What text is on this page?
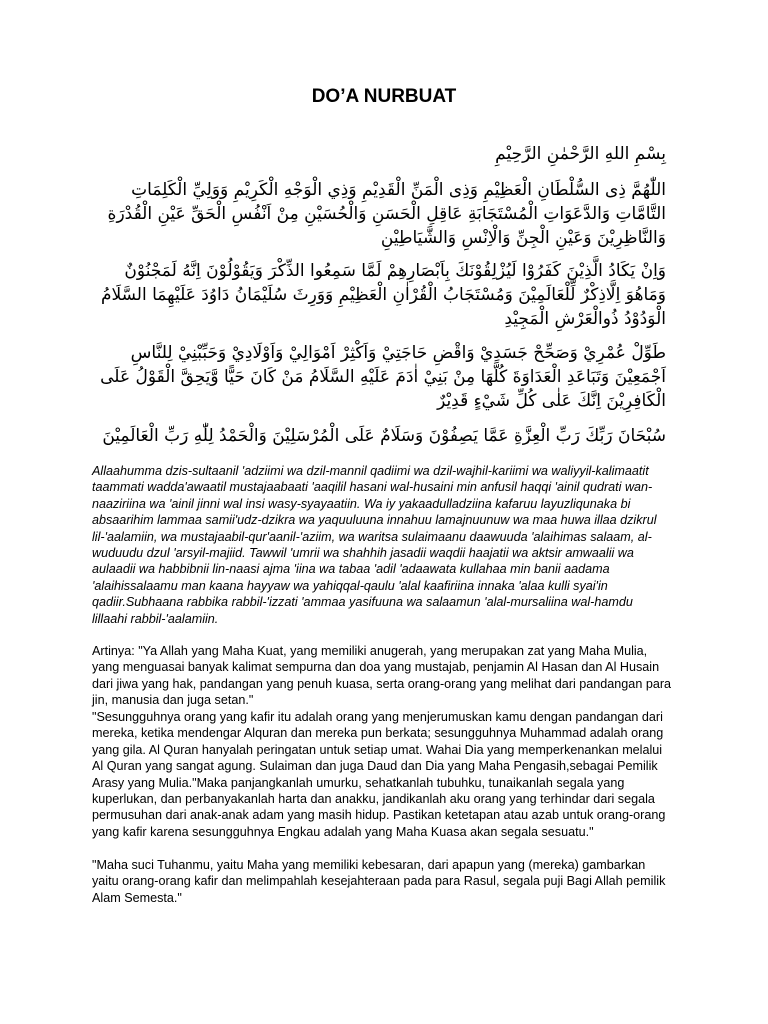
DO’A NURBUAT

بِسْمِ اللهِ الرَّحْمٰنِ الرَّحِيْمِ

اللّٰهُمَّ ذِى السُّلْطَانِ الْعَظِيْمِ وَذِى الْمَنِّ الْقَدِيْمِ وَذِي الْوَجْهِ الْكَرِيْمِ وَوَلِيِّ الْكَلِمَاتِ التَّامَّاتِ وَالدَّعَوَاتِ الْمُسْتَجَابَةِ عَاقِلِ الْحَسَنِ وَالْحُسَيْنِ مِنْ اَنْفُسِ الْحَقِّ عَيْنِ الْقُدْرَةِ وَالنَّاظِرِيْنَ وَعَيْنِ الْجِنِّ وَالْاِنْسِ وَالشَّيَاطِيْنِ

وَاِنْ يَكَادُ الَّذِيْنَ كَفَرُوْا لَيُزْلِقُوْنَكَ بِاَبْصَارِهِمْ لَمَّا سَمِعُوا الذِّكْرَ وَيَقُوْلُوْنَ اِنَّهُ لَمَجْنُوْنٌ وَمَاهُوَ اِلَّاذِكْرٌ لِّلْعَالَمِيْنَ وَمُسْتَجَابُ الْقُرْاٰنِ الْعَظِيْمِ وَوَرِثَ سُلَيْمَانُ دَاوُدَ عَلَيْهِمَا السَّلَامُ الْوَدُوْدُ ذُوالْعَرْشِ الْمَجِيْدِ

طَوِّلْ عُمْرِيْ وَصَحِّحْ جَسَدِيْ وَاقْضِ حَاجَتِيْ وَاَكْثِرْ اَمْوَالِيْ وَاَوْلَادِيْ وَحَبِّبْنِيْ لِلنَّاسِ اَجْمَعِيْنَ وَتَبَاعَدِ الْعَدَاوَةَ كُلَّهَا مِنْ بَنِيْ اٰدَمَ عَلَيْهِ السَّلَامُ مَنْ كَانَ حَيًّا وَّيَحِقَّ الْقَوْلُ عَلَى الْكَافِرِيْنَ اِنَّكَ عَلٰى كُلِّ شَيْءٍ قَدِيْرٌ

سُبْحَانَ رَبِّكَ رَبِّ الْعِزَّةِ عَمَّا يَصِفُوْنَ وَسَلَامٌ عَلَى الْمُرْسَلِيْنَ وَالْحَمْدُ لِلّٰهِ رَبِّ الْعَالَمِيْنَ

Allaahumma dzis-sultaanil 'adziimi wa dzil-mannil qadiimi wa dzil-wajhil-kariimi wa waliyyil-kalimaatit taammati wadda'awaatil mustajaabaati 'aaqilil hasani wal-husaini min anfusil haqqi 'ainil qudrati wan-naaziriina wa 'ainil jinni wal insi wasy-syayaatiin. Wa iy yakaadulladziina kafaruu layuzliqunaka bi absaarihim lammaa samii'udz-dzikra wa yaquuluuna innahuu lamajnuunuw wa maa huwa illaa dzikrul lil-'aalamiin, wa mustajaabil-qur'aanil-'aziim, wa waritsa sulaimaanu daawuuda 'alaihimas salaam, al-wuduudu dzul 'arsyil-majiid. Tawwil 'umrii wa shahhih jasadii waqdii haajatii wa aktsir amwaalii wa aulaadii wa habbibnii lin-naasi ajma 'iina wa tabaa 'adil 'adaawata kullahaa min banii aadama 'alaihissalaamu man kaana hayyaw wa yahiqqal-qaulu 'alal kaafiriina innaka 'alaa kulli syai'in qadiir.Subhaana rabbika rabbil-'izzati 'ammaa yasifuuna wa salaamun 'alal-mursaliina wal-hamdu lillaahi rabbil-'aalamiin.

Artinya: "Ya Allah yang Maha Kuat, yang memiliki anugerah, yang merupakan zat yang Maha Mulia, yang menguasai banyak kalimat sempurna dan doa yang mustajab, penjamin Al Hasan dan Al Husain dari jiwa yang hak, pandangan yang penuh kuasa, serta orang-orang yang melihat dari pandangan para jin, manusia dan juga setan."

"Sesungguhnya orang yang kafir itu adalah orang yang menjerumuskan kamu dengan pandangan dari mereka, ketika mendengar Alquran dan mereka pun berkata; sesungguhnya Muhammad adalah orang yang gila. Al Quran hanyalah peringatan untuk setiap umat. Wahai Dia yang memperkenankan melalui Al Quran yang sangat agung. Sulaiman dan juga Daud dan Dia yang Maha Pengasih,sebagai Pemilik Arasy yang Mulia."Maka panjangkanlah umurku, sehatkanlah tubuhku, tunaikanlah segala yang kuperlukan, dan perbanyakanlah harta dan anakku, jandikanlah aku orang yang terhindar dari segala permusuhan dari anak-anak adam yang masih hidup. Pastikan ketetapan atau azab untuk orang-orang yang kafir karena sesungguhnya Engkau adalah yang Maha Kuasa akan segala sesuatu."

"Maha suci Tuhanmu, yaitu Maha yang memiliki kebesaran, dari apapun yang (mereka) gambarkan yaitu orang-orang kafir dan melimpahlah kesejahteraan pada para Rasul, segala puji Bagi Allah pemilik Alam Semesta."
